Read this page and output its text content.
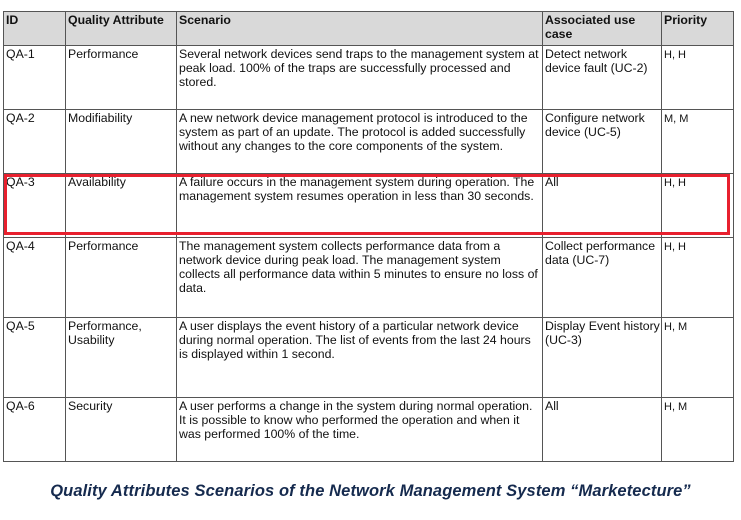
ID	Quality Attribute	Scenario	Associated use case	Priority
QA-1	Performance	Several network devices send traps to the management system at peak load. 100% of the traps are successfully processed and stored.	Detect network device fault (UC-2)	H, H
QA-2	Modifiability	A new network device management protocol is introduced to the system as part of an update. The protocol is added successfully without any changes to the core components of the system.	Configure network device (UC-5)	M, M
QA-3	Availability	A failure occurs in the management system during operation. The management system resumes operation in less than 30 seconds.	All	H, H
QA-4	Performance	The management system collects performance data from a network device during peak load. The management system collects all performance data within 5 minutes to ensure no loss of data.	Collect performance data (UC-7)	H, H
QA-5	Performance, Usability	A user displays the event history of a particular network device during normal operation. The list of events from the last 24 hours is displayed within 1 second.	Display Event history (UC-3)	H, M
QA-6	Security	A user performs a change in the system during normal operation. It is possible to know who performed the operation and when it was performed 100% of the time.	All	H, M
Quality Attributes Scenarios of the Network Management System “Marketecture”
